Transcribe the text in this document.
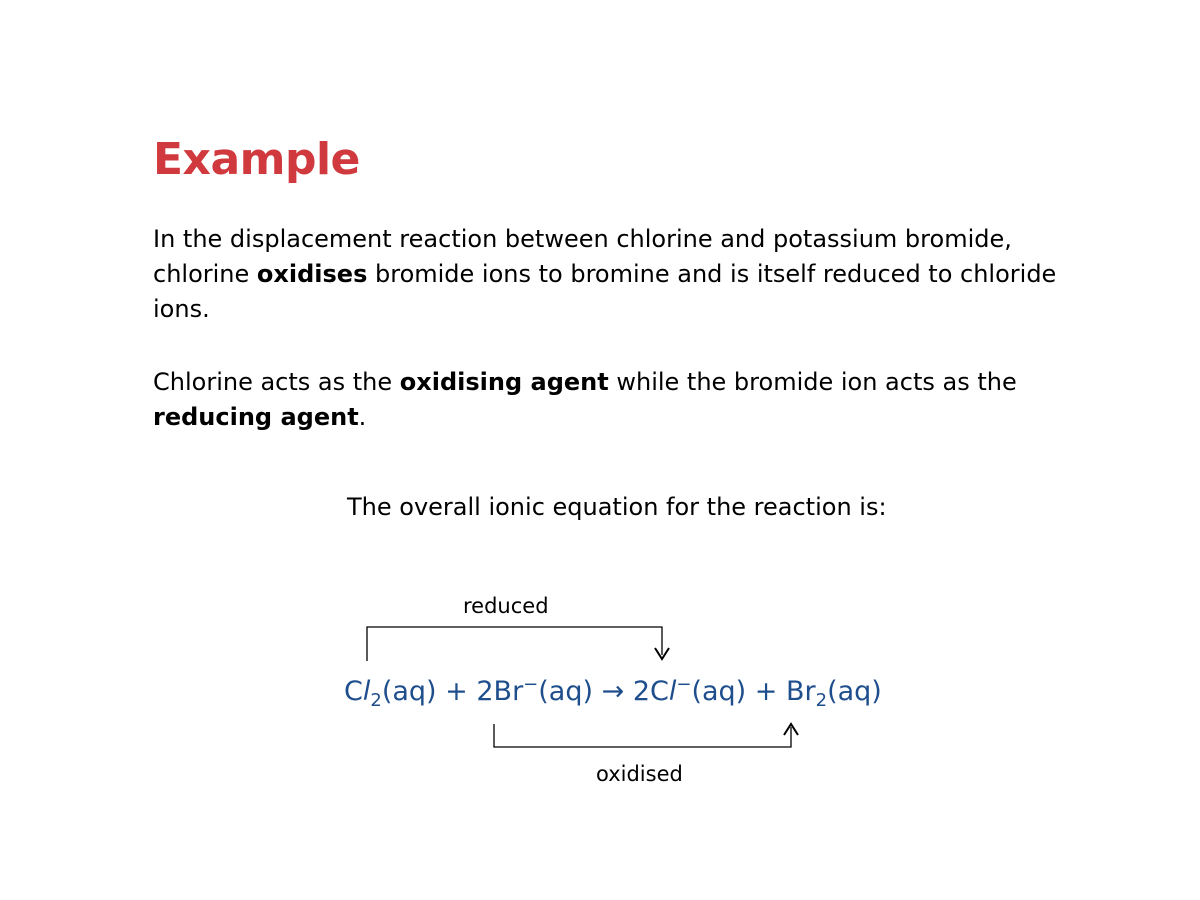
Example

In the displacement reaction between chlorine and potassium bromide, chlorine oxidises bromide ions to bromine and is itself reduced to chloride ions.

Chlorine acts as the oxidising agent while the bromide ion acts as the reducing agent.

The overall ionic equation for the reaction is:

reduced

oxidised

$Cl_2(aq) + 2Br^-(aq) \to 2Cl^-(aq) + Br_2(aq)$
